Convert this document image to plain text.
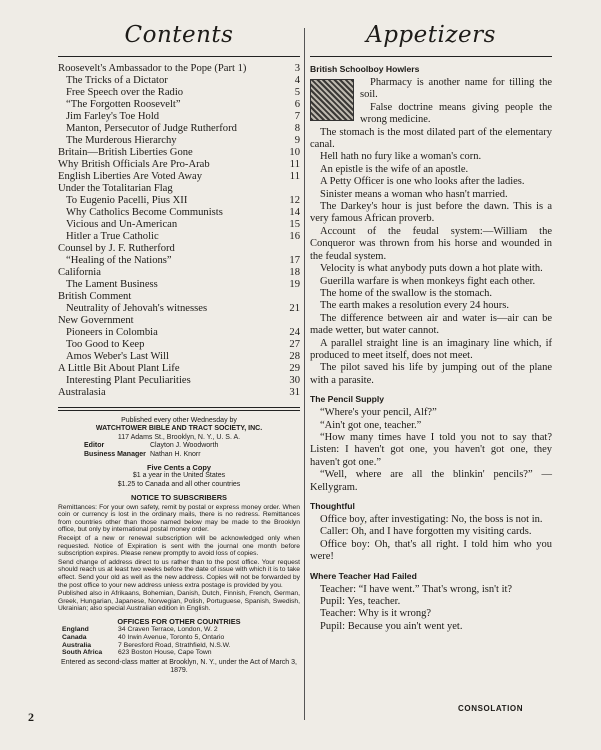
Contents
Roosevelt's Ambassador to the Pope (Part 1)	3
The Tricks of a Dictator	4
Free Speech over the Radio	5
“The Forgotten Roosevelt”	6
Jim Farley's Toe Hold	7
Manton, Persecutor of Judge Rutherford	8
The Murderous Hierarchy	9
Britain—British Liberties Gone	10
Why British Officials Are Pro-Arab	11
English Liberties Are Voted Away	11
Under the Totalitarian Flag
To Eugenio Pacelli, Pius XII	12
Why Catholics Become Communists	14
Vicious and Un-American	15
Hitler a True Catholic	16
Counsel by J. F. Rutherford
“Healing of the Nations”	17
California	18
The Lament Business	19
British Comment
Neutrality of Jehovah's witnesses	21
New Government
Pioneers in Colombia	24
Too Good to Keep	27
Amos Weber's Last Will	28
A Little Bit About Plant Life	29
Interesting Plant Peculiarities	30
Australasia	31
Published every other Wednesday by
WATCHTOWER BIBLE AND TRACT SOCIETY, INC.
117 Adams St., Brooklyn, N. Y., U. S. A.
Editor	Clayton J. Woodworth
Business Manager Nathan H. Knorr
Five Cents a Copy
$1 a year in the United States
$1.25 to Canada and all other countries
NOTICE TO SUBSCRIBERS
Remittances: For your own safety, remit by postal or express money order. When coin or currency is lost in the ordinary mails, there is no redress. Remittances from countries other than those named below may be made to the Brooklyn office, but only by international postal money order.
Receipt of a new or renewal subscription will be acknowledged only when requested. Notice of Expiration is sent with the journal one month before subscription expires. Please renew promptly to avoid loss of copies.
Send change of address direct to us rather than to the post office. Your request should reach us at least two weeks before the date of issue with which it is to take effect. Send your old as well as the new address. Copies will not be forwarded by the post office to your new address unless extra postage is provided by you.
Published also in Afrikaans, Bohemian, Danish, Dutch, Finnish, French, German, Greek, Hungarian, Japanese, Norwegian, Polish, Portuguese, Spanish, Swedish, Ukrainian; also special Australian edition in English.
OFFICES FOR OTHER COUNTRIES
England	34 Craven Terrace, London, W. 2
Canada	40 Irwin Avenue, Toronto 5, Ontario
Australia	7 Beresford Road, Strathfield, N.S.W.
South Africa	623 Boston House, Cape Town
Entered as second-class matter at Brooklyn, N. Y., under the Act of March 3, 1879.
2
Appetizers
British Schoolboy Howlers

Pharmacy is another name for tilling the soil.

False doctrine means giving people the wrong medicine.

The stomach is the most dilated part of the elementary canal.

Hell hath no fury like a woman's corn.

An epistle is the wife of an apostle.

A Petty Officer is one who looks after the ladies.

Sinister means a woman who hasn't married.

The Darkey's hour is just before the dawn. This is a very famous African proverb.

Account of the feudal system:—William the Conqueror was thrown from his horse and wounded in the feudal system.

Velocity is what anybody puts down a hot plate with.

Guerilla warfare is when monkeys fight each other.

The home of the swallow is the stomach.

The earth makes a resolution every 24 hours.

The difference between air and water is—air can be made wetter, but water cannot.

A parallel straight line is an imaginary line which, if produced to meet itself, does not meet.

The pilot saved his life by jumping out of the plane with a parasite.

The Pencil Supply

“Where's your pencil, Alf?”

“Ain't got one, teacher.”

“How many times have I told you not to say that? Listen: I haven't got one, you haven't got one, they haven't got one.”

“Well, where are all the blinkin' pencils?” —Kellygram.

Thoughtful

Office boy, after investigating: No, the boss is not in.

Caller: Oh, and I have forgotten my visiting cards.

Office boy: Oh, that's all right. I told him who you were!

Where Teacher Had Failed

Teacher: “I have went.” That's wrong, isn't it?

Pupil: Yes, teacher.

Teacher: Why is it wrong?

Pupil: Because you ain't went yet.

CONSOLATION
